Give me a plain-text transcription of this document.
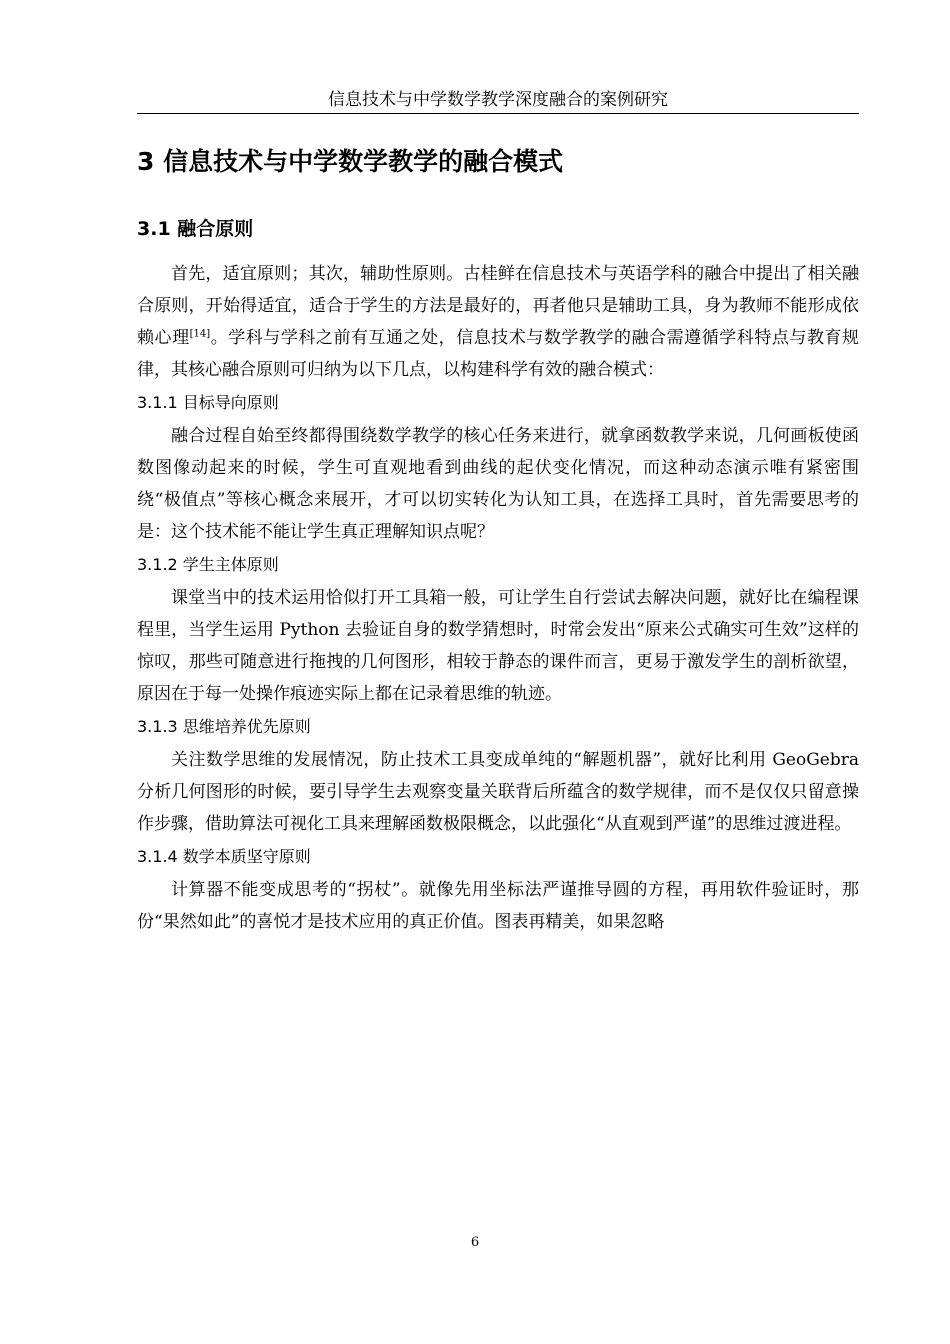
信息技术与中学数学教学深度融合的案例研究
3 信息技术与中学数学教学的融合模式
3.1 融合原则

首先，适宜原则；其次，辅助性原则。古桂鲜在信息技术与英语学科的融合中提出了相关融合原则，开始得适宜，适合于学生的方法是最好的，再者他只是辅助工具，身为教师不能形成依赖心理[14]。学科与学科之前有互通之处，信息技术与数学教学的融合需遵循学科特点与教育规律，其核心融合原则可归纳为以下几点，以构建科学有效的融合模式：

3.1.1 目标导向原则

融合过程自始至终都得围绕数学教学的核心任务来进行，就拿函数教学来说，几何画板使函数图像动起来的时候，学生可直观地看到曲线的起伏变化情况，而这种动态演示唯有紧密围绕“极值点”等核心概念来展开，才可以切实转化为认知工具，在选择工具时，首先需要思考的是：这个技术能不能让学生真正理解知识点呢？

3.1.2 学生主体原则

课堂当中的技术运用恰似打开工具箱一般，可让学生自行尝试去解决问题，就好比在编程课程里，当学生运用 Python 去验证自身的数学猜想时，时常会发出“原来公式确实可生效”这样的惊叹，那些可随意进行拖拽的几何图形，相较于静态的课件而言，更易于激发学生的剖析欲望，原因在于每一处操作痕迹实际上都在记录着思维的轨迹。

3.1.3 思维培养优先原则

关注数学思维的发展情况，防止技术工具变成单纯的“解题机器”，就好比利用 GeoGebra 分析几何图形的时候，要引导学生去观察变量关联背后所蕴含的数学规律，而不是仅仅只留意操作步骤，借助算法可视化工具来理解函数极限概念，以此强化“从直观到严谨”的思维过渡进程。

3.1.4 数学本质坚守原则

计算器不能变成思考的“拐杖”。就像先用坐标法严谨推导圆的方程，再用软件验证时，那份“果然如此”的喜悦才是技术应用的真正价值。图表再精美，如果忽略

6
